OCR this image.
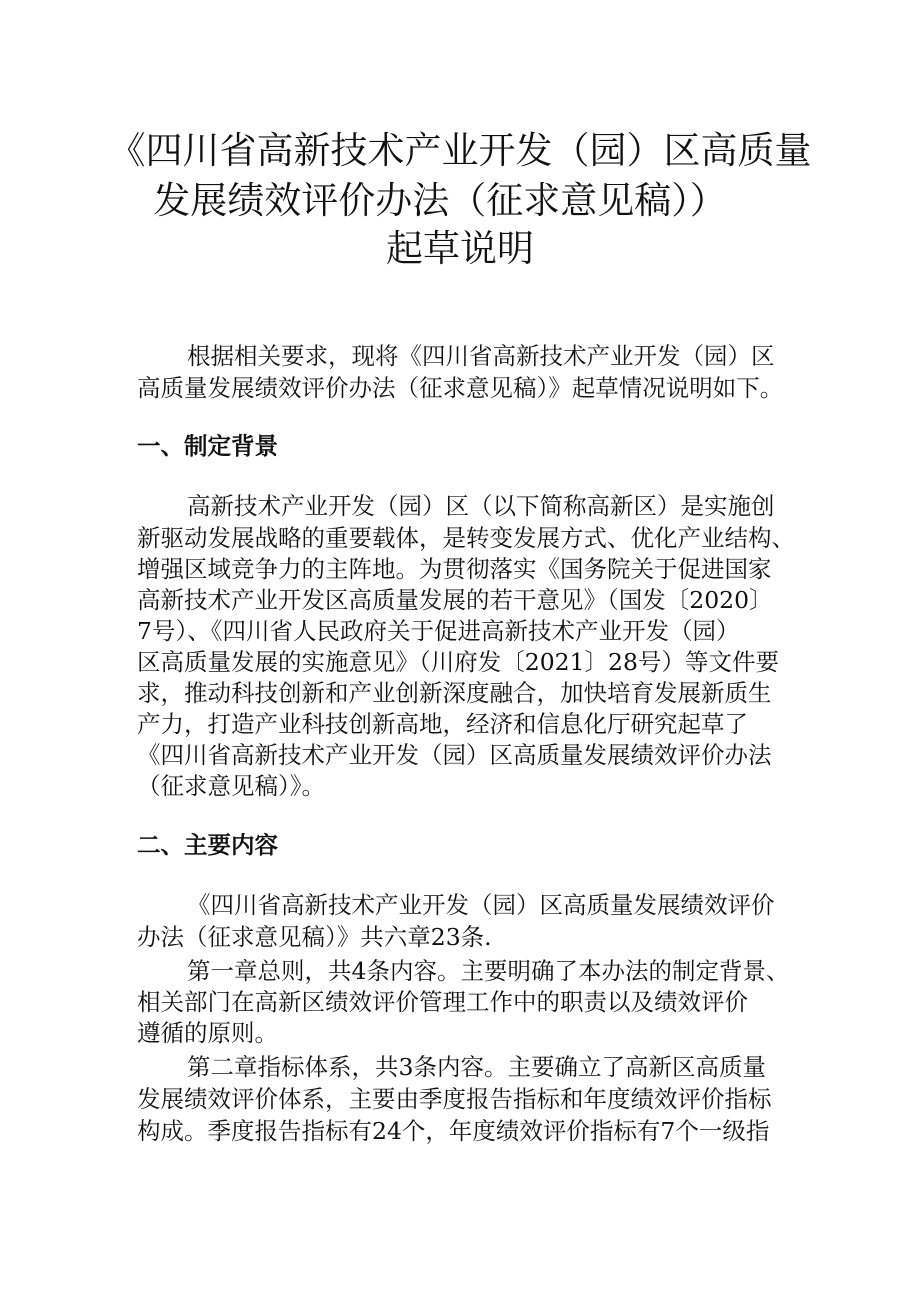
《四川省高新技术产业开发（园）区高质量
发展绩效评价办法（征求意见稿））
起草说明

根据相关要求，现将《四川省高新技术产业开发（园）区

高质量发展绩效评价办法（征求意见稿）》起草情况说明如下。

一、制定背景

高新技术产业开发（园）区（以下简称高新区）是实施创

新驱动发展战略的重要载体，是转变发展方式、优化产业结构、

增强区域竞争力的主阵地。为贯彻落实《国务院关于促进国家

高新技术产业开发区高质量发展的若干意见》（国发〔2020〕

7号）、《四川省人民政府关于促进高新技术产业开发（园）

区高质量发展的实施意见》（川府发〔2021〕28号）等文件要

求，推动科技创新和产业创新深度融合，加快培育发展新质生

产力，打造产业科技创新高地，经济和信息化厅研究起草了

《四川省高新技术产业开发（园）区高质量发展绩效评价办法

（征求意见稿）》。

二、主要内容

《四川省高新技术产业开发（园）区高质量发展绩效评价

办法（征求意见稿）》共六章23条.

第一章总则，共4条内容。主要明确了本办法的制定背景、

相关部门在高新区绩效评价管理工作中的职责以及绩效评价

遵循的原则。

第二章指标体系，共3条内容。主要确立了高新区高质量

发展绩效评价体系，主要由季度报告指标和年度绩效评价指标

构成。季度报告指标有24个，年度绩效评价指标有7个一级指
